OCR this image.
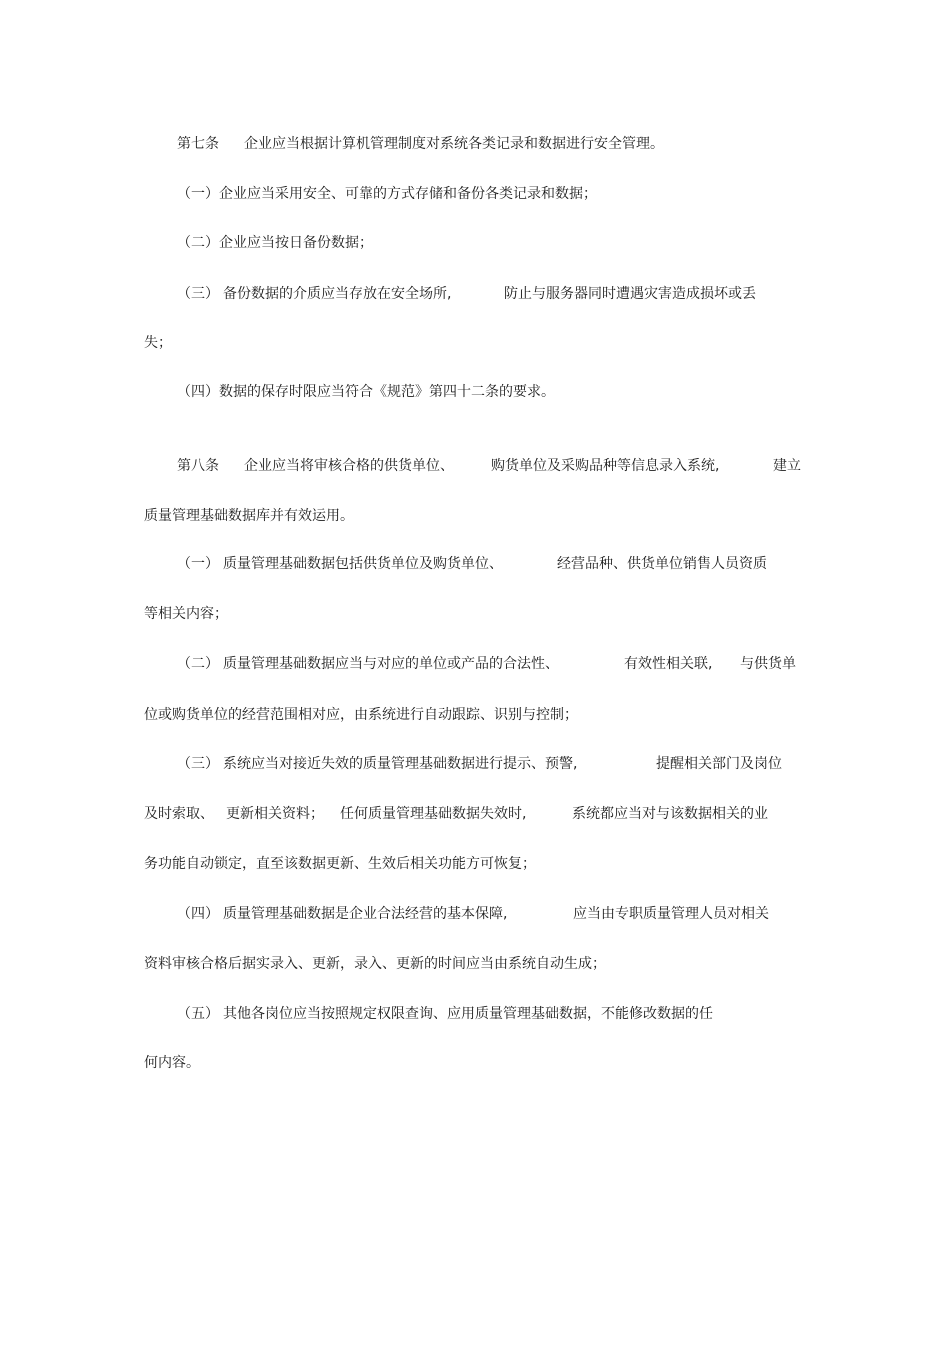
第七条 企业应当根据计算机管理制度对系统各类记录和数据进行安全管理。
（一）企业应当采用安全、可靠的方式存储和备份各类记录和数据；
（二）企业应当按日备份数据；
（三） 备份数据的介质应当存放在安全场所,	防止与服务器同时遭遇灾害造成损坏或丢
失；
（四）数据的保存时限应当符合《规范》第四十二条的要求。
第八条 企业应当将审核合格的供货单位、	购货单位及采购品种等信息录入系统,	建立
质量管理基础数据库并有效运用。
（一） 质量管理基础数据包括供货单位及购货单位、	经营品种、供货单位销售人员资质
等相关内容；
（二） 质量管理基础数据应当与对应的单位或产品的合法性、	有效性相关联, 与供货单
位或购货单位的经营范围相对应，由系统进行自动跟踪、识别与控制；
（三） 系统应当对接近失效的质量管理基础数据进行提示、预警,	提醒相关部门及岗位
及时索取、 更新相关资料； 任何质量管理基础数据失效时,	系统都应当对与该数据相关的业
务功能自动锁定，直至该数据更新、生效后相关功能方可恢复；
（四） 质量管理基础数据是企业合法经营的基本保障,	应当由专职质量管理人员对相关
资料审核合格后据实录入、更新，录入、更新的时间应当由系统自动生成；
（五） 其他各岗位应当按照规定权限查询、应用质量管理基础数据，不能修改数据的任
何内容。
